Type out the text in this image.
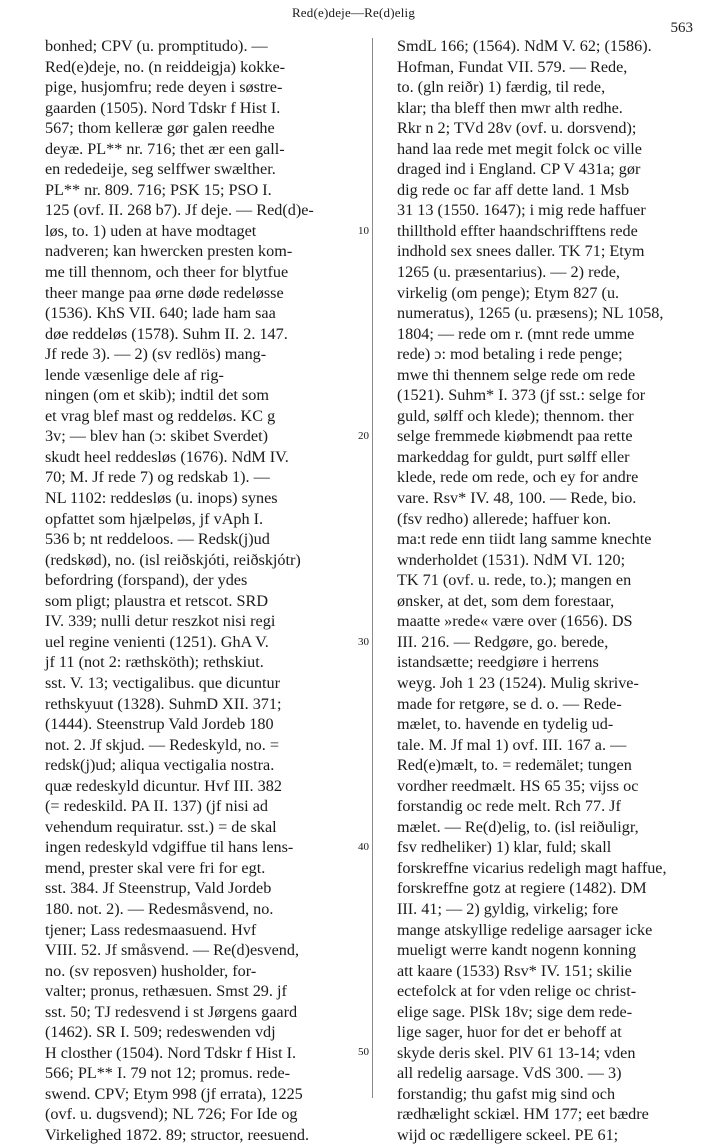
Red(e)deje—Re(d)elig
563
bonhed; CPV (u. promptitudo). —
Red(e)deje, no. (n reiddeigja) kokke-
pige, husjomfru; rede deyen i søstre-
gaarden (1505). Nord Tdskr f Hist I.
567; thom kelleræ gør galen reedhe
deyæ. PL** nr. 716; thet ær een gall-
en rededeije, seg selffwer swælther.
PL** nr. 809. 716; PSK 15; PSO I.
125 (ovf. II. 268 b7). Jf deje. — Red(d)e-
løs, to. 1) uden at have modtaget
nadveren; kan hwercken presten kom-
me till thennom, och theer for blytfue
theer mange paa ørne døde redeløsse
(1536). KhS VII. 640; lade ham saa
døe reddeløs (1578). Suhm II. 2. 147.
Jf rede 3). — 2) (sv redlös) mang-
lende væsenlige dele af rig-
ningen (om et skib); indtil det som
et vrag blef mast og reddeløs. KC g
3v; — blev han (ɔ: skibet Sverdet)
skudt heel reddesløs (1676). NdM IV.
70; M. Jf rede 7) og redskab 1). —
NL 1102: reddesløs (u. inops) synes
opfattet som hjælpeløs, jf vAph I.
536 b; nt reddeloos. — Redsk(j)ud
(redskød), no. (isl reiðskjóti, reiðskjótr)
befordring (forspand), der ydes
som pligt; plaustra et retscot. SRD
IV. 339; nulli detur reszkot nisi regi
uel regine venienti (1251). GhA V.
jf 11 (not 2: ræthsköth); rethskiut.
sst. V. 13; vectigalibus. que dicuntur
rethskyuut (1328). SuhmD XII. 371;
(1444). Steenstrup Vald Jordeb 180
not. 2. Jf skjud. — Redeskyld, no. =
redsk(j)ud; aliqua vectigalia nostra.
quæ redeskyld dicuntur. Hvf III. 382
(= redeskild. PA II. 137) (jf nisi ad
vehendum requiratur. sst.) = de skal
ingen redeskyld vdgiffue til hans lens-
mend, prester skal vere fri for egt.
sst. 384. Jf Steenstrup, Vald Jordeb
180. not. 2). — Redesmåsvend, no.
tjener; Lass redesmaasuend. Hvf
VIII. 52. Jf småsvend. — Re(d)esvend,
no. (sv reposven) husholder, for-
valter; pronus, rethæsuen. Smst 29. jf
sst. 50; TJ redesvend i st Jørgens gaard
(1462). SR I. 509; redeswenden vdj
H closther (1504). Nord Tdskr f Hist I.
566; PL** I. 79 not 12; promus. rede-
swend. CPV; Etym 998 (jf errata), 1225
(ovf. u. dugsvend); NL 726; For Ide og
Virkelighed 1872. 89; structor, reesuend.
SmdL 166; (1564). NdM V. 62; (1586).
Hofman, Fundat VII. 579. — Rede,
to. (gln reiðr) 1) færdig, til rede,
klar; tha bleff then mwr alth redhe.
Rkr n 2; TVd 28v (ovf. u. dorsvend);
hand laa rede met megit folck oc ville
draged ind i England. CP V 431a; gør
dig rede oc far aff dette land. 1 Msb
31 13 (1550. 1647); i mig rede haffuer
thillthold effter haandschrifftens rede
indhold sex snees daller. TK 71; Etym
1265 (u. præsentarius). — 2) rede,
virkelig (om penge); Etym 827 (u.
numeratus), 1265 (u. præsens); NL 1058,
1804; — rede om r. (mnt rede umme
rede) ɔ: mod betaling i rede penge;
mwe thi thennem selge rede om rede
(1521). Suhm* I. 373 (jf sst.: selge for
guld, sølff och klede); thennom. ther
selge fremmede kiøbmendt paa rette
markeddag for guldt, purt sølff eller
klede, rede om rede, och ey for andre
vare. Rsv* IV. 48, 100. — Rede, bio.
(fsv redho) allerede; haffuer kon.
ma:t rede enn tiidt lang samme knechte
wnderholdet (1531). NdM VI. 120;
TK 71 (ovf. u. rede, to.); mangen en
ønsker, at det, som dem forestaar,
maatte »rede« være over (1656). DS
III. 216. — Redgøre, go. berede,
istandsætte; reedgiøre i herrens
weyg. Joh 1 23 (1524). Mulig skrive-
made for retgøre, se d. o. — Rede-
mælet, to. havende en tydelig ud-
tale. M. Jf mal 1) ovf. III. 167 a. —
Red(e)mælt, to. = redemälet; tungen
vordher reedmælt. HS 65 35; vijss oc
forstandig oc rede melt. Rch 77. Jf
mælet. — Re(d)elig, to. (isl reiðuligr,
fsv redheliker) 1) klar, fuld; skall
forskreffne vicarius redeligh magt haffue,
forskreffne gotz at regiere (1482). DM
III. 41; — 2) gyldig, virkelig; fore
mange atskyllige redelige aarsager icke
mueligt werre kandt nogenn konning
att kaare (1533) Rsv* IV. 151; skilie
ectefolck at for vden relige oc christ-
elige sage. PlSk 18v; sige dem rede-
lige sager, huor for det er behoff at
skyde deris skel. PlV 61 13-14; vden
all redelig aarsage. VdS 300. — 3)
forstandig; thu gafst mig sind och
rædhælight sckiæl. HM 177; eet bædre
wijd oc rædelligere sckeel. PE 61;
10
20
30
40
50
